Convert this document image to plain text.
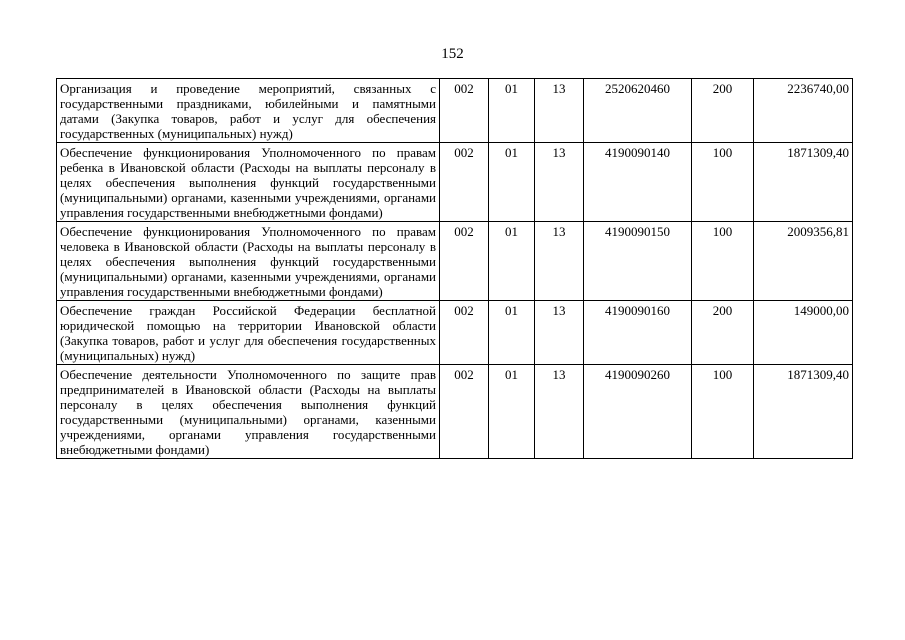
152
Организация и проведение мероприятий, связанных с государственными праздниками, юбилейными и памятными датами (Закупка товаров, работ и услуг для обеспечения государственных (муниципальных) нужд)	002	01	13	2520620460	200	2236740,00
Обеспечение функционирования Уполномоченного по правам ребенка в Ивановской области (Расходы на выплаты персоналу в целях обеспечения выполнения функций государственными (муниципальными) органами, казенными учреждениями, органами управления государственными внебюджетными фондами)	002	01	13	4190090140	100	1871309,40
Обеспечение функционирования Уполномоченного по правам человека в Ивановской области (Расходы на выплаты персоналу в целях обеспечения выполнения функций государственными (муниципальными) органами, казенными учреждениями, органами управления государственными внебюджетными фондами)	002	01	13	4190090150	100	2009356,81
Обеспечение граждан Российской Федерации бесплатной юридической помощью на территории Ивановской области (Закупка товаров, работ и услуг для обеспечения государственных (муниципальных) нужд)	002	01	13	4190090160	200	149000,00
Обеспечение деятельности Уполномоченного по защите прав предпринимателей в Ивановской области (Расходы на выплаты персоналу в целях обеспечения выполнения функций государственными (муниципальными) органами, казенными учреждениями, органами управления государственными внебюджетными фондами)	002	01	13	4190090260	100	1871309,40
